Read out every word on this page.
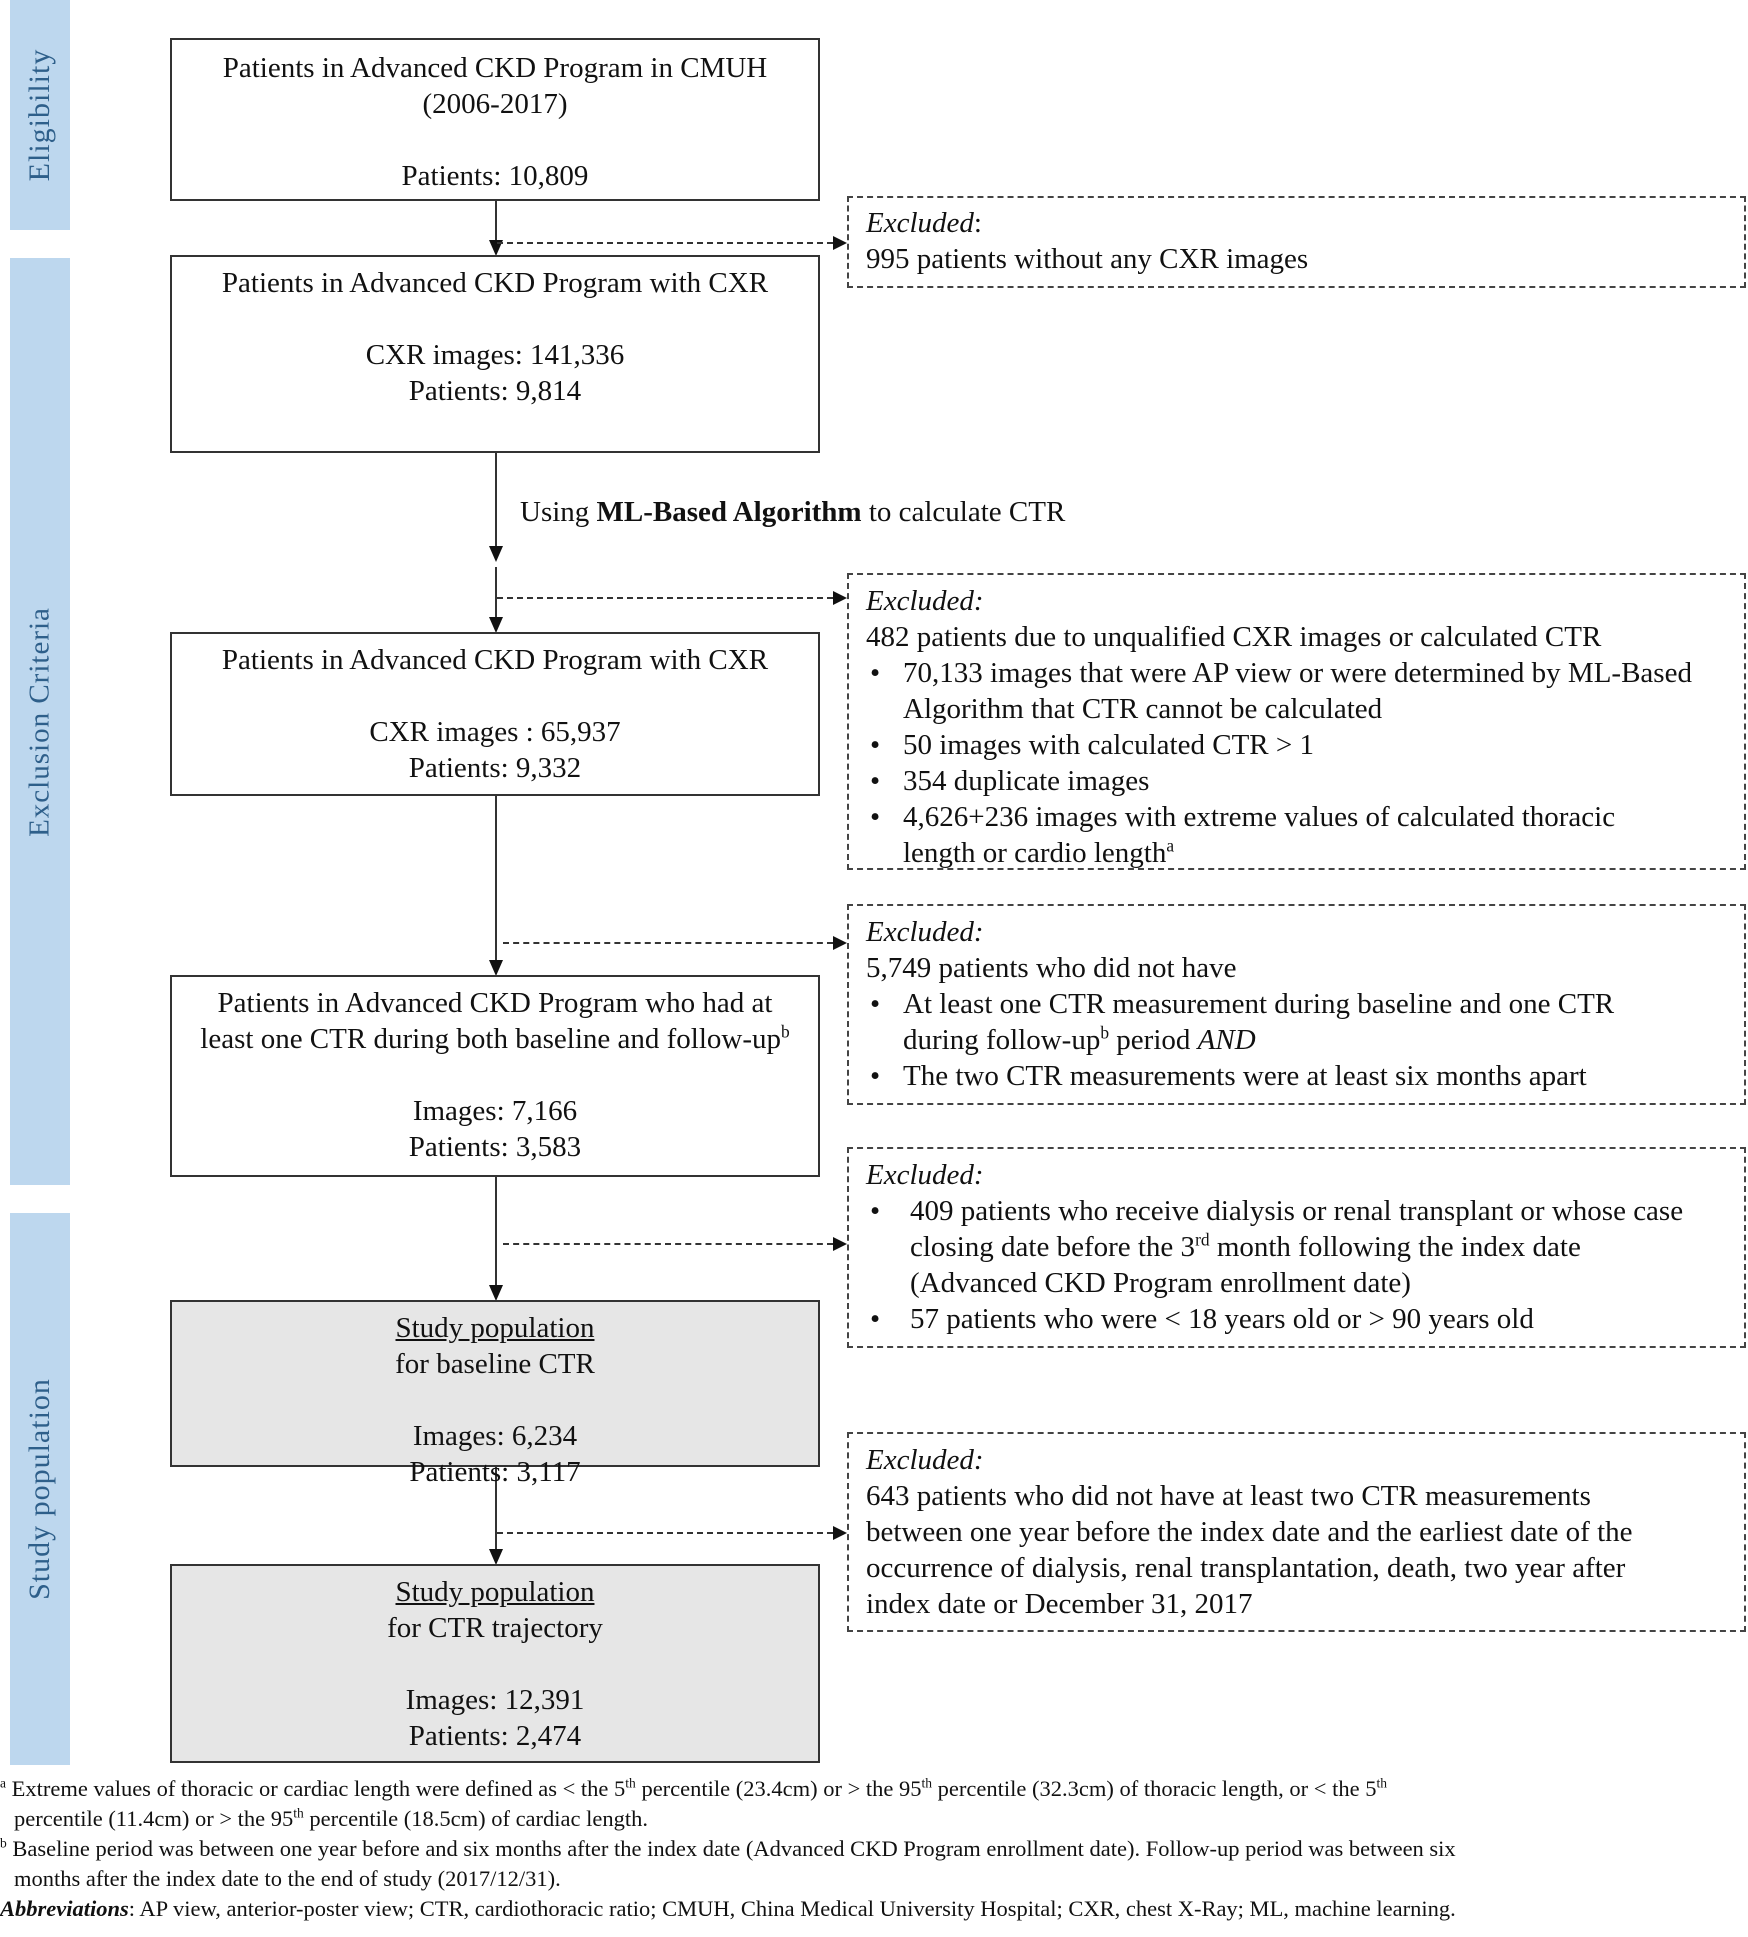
Eligibility
Exclusion Criteria
Study population
Using ML-Based Algorithm to calculate CTR
Patients in Advanced CKD Program in CMUH
(2006-2017)
Patients: 10,809
Patients in Advanced CKD Program with CXR
CXR images: 141,336
Patients: 9,814
Patients in Advanced CKD Program with CXR
CXR images : 65,937
Patients: 9,332
Patients in Advanced CKD Program who had at
least one CTR during both baseline and follow-$up^b$
Images: 7,166
Patients: 3,583
Study population
for baseline CTR
Images: 6,234
Patients: 3,117
Study population
for CTR trajectory
Images: 12,391
Patients: 2,474
Excluded:
995 patients without any CXR images
Excluded:
482 patients due to unqualified CXR images or calculated CTR
• 70,133 images that were AP view or were determined by ML-Based
Algorithm that CTR cannot be calculated
• 50 images with calculated CTR > 1
• 354 duplicate images
• 4,626+236 images with extreme values of calculated thoracic
length or cardio length$^a$
Excluded:
5,749 patients who did not have
• At least one CTR measurement during baseline and one CTR
during follow-$up^b$ period AND
• The two CTR measurements were at least six months apart
Excluded:
• 409 patients who receive dialysis or renal transplant or whose case
closing date before the 3rd month following the index date
(Advanced CKD Program enrollment date)
• 57 patients who were < 18 years old or > 90 years old
Excluded:
643 patients who did not have at least two CTR measurements
between one year before the index date and the earliest date of the
occurrence of dialysis, renal transplantation, death, two year after
index date or December 31, 2017
$^a$ Extreme values of thoracic or cardiac length were defined as < the 5th percentile (23.4cm) or > the 95th percentile (32.3cm) of thoracic length, or < the 5th
percentile (11.4cm) or > the 95th percentile (18.5cm) of cardiac length.
$^b$ Baseline period was between one year before and six months after the index date (Advanced CKD Program enrollment date). Follow-up period was between six
months after the index date to the end of study (2017/12/31).
Abbreviations: AP view, anterior-poster view; CTR, cardiothoracic ratio; CMUH, China Medical University Hospital; CXR, chest X-Ray; ML, machine learning.
